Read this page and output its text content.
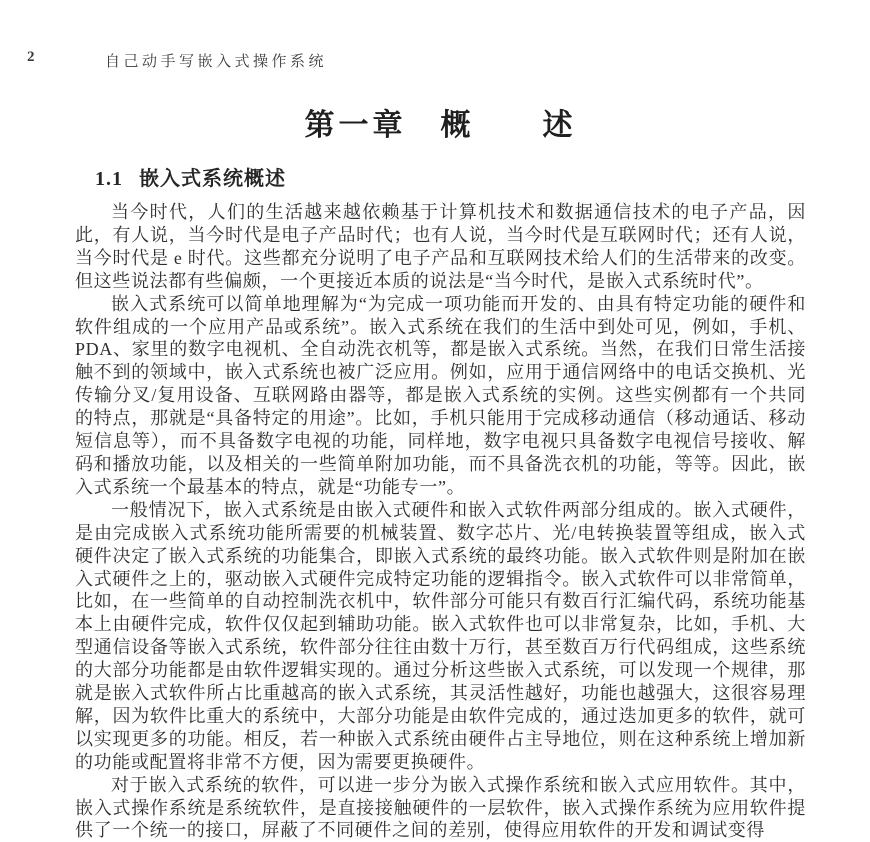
2	自己动手写嵌入式操作系统
第一章　概　　述
1.1 嵌入式系统概述

当今时代，人们的生活越来越依赖基于计算机技术和数据通信技术的电子产品，因此，有人说，当今时代是电子产品时代；也有人说，当今时代是互联网时代；还有人说，当今时代是 e 时代。这些都充分说明了电子产品和互联网技术给人们的生活带来的改变。但这些说法都有些偏颇，一个更接近本质的说法是“当今时代，是嵌入式系统时代”。

嵌入式系统可以简单地理解为“为完成一项功能而开发的、由具有特定功能的硬件和软件组成的一个应用产品或系统”。嵌入式系统在我们的生活中到处可见，例如，手机、PDA、家里的数字电视机、全自动洗衣机等，都是嵌入式系统。当然，在我们日常生活接触不到的领域中，嵌入式系统也被广泛应用。例如，应用于通信网络中的电话交换机、光传输分叉/复用设备、互联网路由器等，都是嵌入式系统的实例。这些实例都有一个共同的特点，那就是“具备特定的用途”。比如，手机只能用于完成移动通信（移动通话、移动短信息等），而不具备数字电视的功能，同样地，数字电视只具备数字电视信号接收、解码和播放功能，以及相关的一些简单附加功能，而不具备洗衣机的功能，等等。因此，嵌入式系统一个最基本的特点，就是“功能专一”。

一般情况下，嵌入式系统是由嵌入式硬件和嵌入式软件两部分组成的。嵌入式硬件，是由完成嵌入式系统功能所需要的机械装置、数字芯片、光/电转换装置等组成，嵌入式硬件决定了嵌入式系统的功能集合，即嵌入式系统的最终功能。嵌入式软件则是附加在嵌入式硬件之上的，驱动嵌入式硬件完成特定功能的逻辑指令。嵌入式软件可以非常简单，比如，在一些简单的自动控制洗衣机中，软件部分可能只有数百行汇编代码，系统功能基本上由硬件完成，软件仅仅起到辅助功能。嵌入式软件也可以非常复杂，比如，手机、大型通信设备等嵌入式系统，软件部分往往由数十万行，甚至数百万行代码组成，这些系统的大部分功能都是由软件逻辑实现的。通过分析这些嵌入式系统，可以发现一个规律，那就是嵌入式软件所占比重越高的嵌入式系统，其灵活性越好，功能也越强大，这很容易理解，因为软件比重大的系统中，大部分功能是由软件完成的，通过迭加更多的软件，就可以实现更多的功能。相反，若一种嵌入式系统由硬件占主导地位，则在这种系统上增加新的功能或配置将非常不方便，因为需要更换硬件。

对于嵌入式系统的软件，可以进一步分为嵌入式操作系统和嵌入式应用软件。其中，嵌入式操作系统是系统软件，是直接接触硬件的一层软件，嵌入式操作系统为应用软件提供了一个统一的接口，屏蔽了不同硬件之间的差别，使得应用软件的开发和调试变得
